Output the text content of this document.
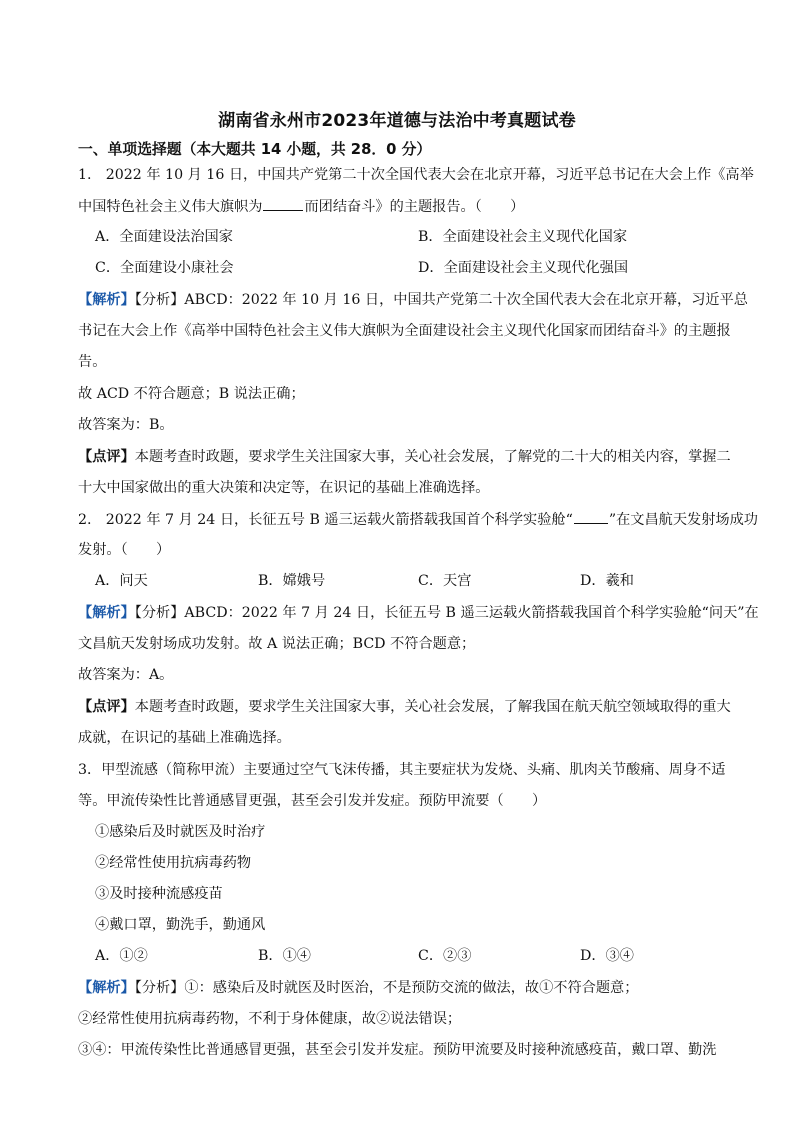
湖南省永州市2023年道德与法治中考真题试卷
一、单项选择题（本大题共 14 小题，共 28．0 分）
1.　2022 年 10 月 16 日，中国共产党第二十次全国代表大会在北京开幕，习近平总书记在大会上作《高举
中国特色社会主义伟大旗帜为	而团结奋斗》的主题报告。（　　）
A．全面建设法治国家	B．全面建设社会主义现代化国家
C．全面建设小康社会	D．全面建设社会主义现代化强国
【解析】【分析】ABCD：2022 年 10 月 16 日，中国共产党第二十次全国代表大会在北京开幕，习近平总
书记在大会上作《高举中国特色社会主义伟大旗帜为全面建设社会主义现代化国家而团结奋斗》的主题报
告。
故 ACD 不符合题意；B 说法正确；
故答案为：B。
【点评】本题考查时政题，要求学生关注国家大事，关心社会发展，了解党的二十大的相关内容，掌握二
十大中国家做出的重大决策和决定等，在识记的基础上准确选择。
2.　2022 年 7 月 24 日，长征五号 B 遥三运载火箭搭载我国首个科学实验舱“	”在文昌航天发射场成功
发射。（　　）
A．问天	B．嫦娥号	C．天宫	D．羲和
【解析】【分析】ABCD：2022 年 7 月 24 日，长征五号 B 遥三运载火箭搭载我国首个科学实验舱“问天”在
文昌航天发射场成功发射。故 A 说法正确；BCD 不符合题意；
故答案为：A。
【点评】本题考查时政题，要求学生关注国家大事，关心社会发展，了解我国在航天航空领域取得的重大
成就，在识记的基础上准确选择。
3．甲型流感（简称甲流）主要通过空气飞沫传播，其主要症状为发烧、头痛、肌肉关节酸痛、周身不适
等。甲流传染性比普通感冒更强，甚至会引发并发症。预防甲流要（　　）
①感染后及时就医及时治疗
②经常性使用抗病毒药物
③及时接种流感疫苗
④戴口罩，勤洗手，勤通风
A．①②	B．①④	C．②③	D．③④
【解析】【分析】①：感染后及时就医及时医治，不是预防交流的做法，故①不符合题意；
②经常性使用抗病毒药物，不利于身体健康，故②说法错误；
③④：甲流传染性比普通感冒更强，甚至会引发并发症。预防甲流要及时接种流感疫苗，戴口罩、勤洗
